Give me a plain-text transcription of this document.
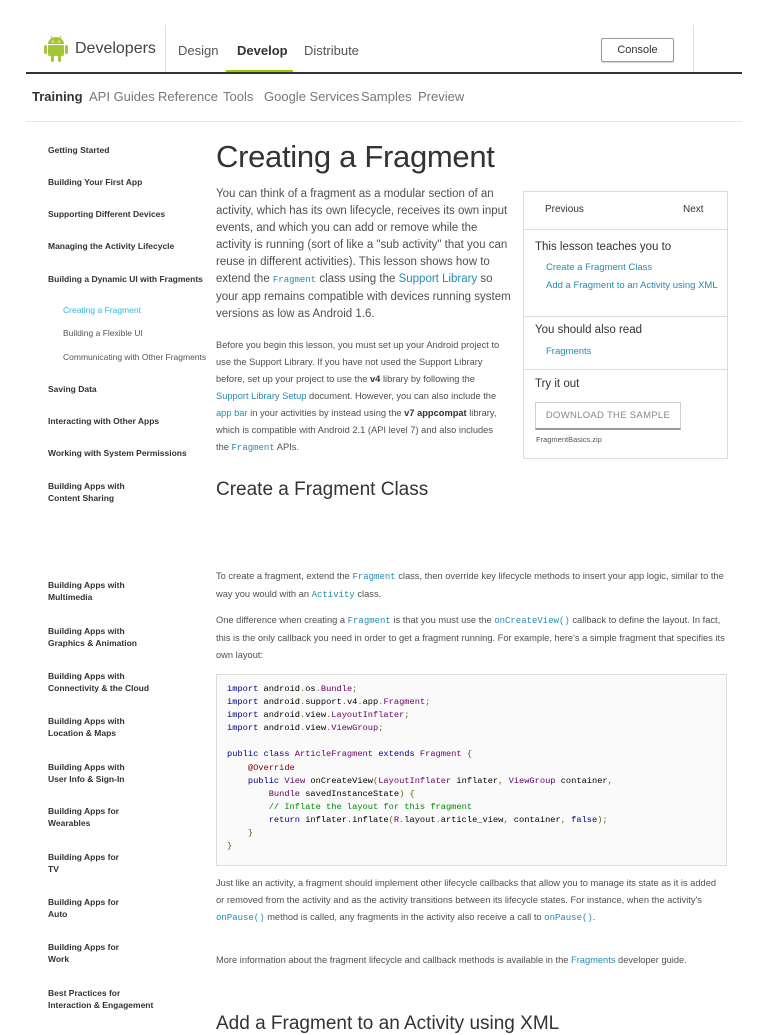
Developers Design Develop Distribute	Console
Training API Guides Reference Tools Google Services Samples Preview
Getting Started
Building Your First App
Supporting Different Devices
Managing the Activity Lifecycle
Building a Dynamic UI with Fragments
Creating a Fragment
Building a Flexible UI
Communicating with Other Fragments
Saving Data
Interacting with Other Apps
Working with System Permissions
Building Apps with
Content Sharing
Building Apps with
Multimedia
Building Apps with
Graphics & Animation
Building Apps with
Connectivity & the Cloud
Building Apps with
Location & Maps
Building Apps with
User Info & Sign-In
Building Apps for
Wearables
Building Apps for
TV
Building Apps for
Auto
Building Apps for
Work
Best Practices for
Interaction & Engagement
Creating a Fragment
You can think of a fragment as a modular section of an activity, which has its own lifecycle, receives its own input events, and which you can add or remove while the activity is running (sort of like a "sub activity" that you can reuse in different activities). This lesson shows how to extend the Fragment class using the Support Library so your app remains compatible with devices running system versions as low as Android 1.6.
Before you begin this lesson, you must set up your Android project to use the Support Library. If you have not used the Support Library before, set up your project to use the v4 library by following the Support Library Setup document. However, you can also include the app bar in your activities by instead using the v7 appcompat library, which is compatible with Android 2.1 (API level 7) and also includes the Fragment APIs.
Create a Fragment Class
To create a fragment, extend the Fragment class, then override key lifecycle methods to insert your app logic, similar to the way you would with an Activity class.
One difference when creating a Fragment is that you must use the onCreateView() callback to define the layout. In fact, this is the only callback you need in order to get a fragment running. For example, here's a simple fragment that specifies its own layout:
import android.os.Bundle;
import android.support.v4.app.Fragment;
import android.view.LayoutInflater;
import android.view.ViewGroup;

public class ArticleFragment extends Fragment {
@Override
public View onCreateView(LayoutInflater inflater, ViewGroup container,
Bundle savedInstanceState) {
// Inflate the layout for this fragment
return inflater.inflate(R.layout.article_view, container, false);
}
}
Just like an activity, a fragment should implement other lifecycle callbacks that allow you to manage its state as it is added or removed from the activity and as the activity transitions between its lifecycle states. For instance, when the activity's onPause() method is called, any fragments in the activity also receive a call to onPause().
More information about the fragment lifecycle and callback methods is available in the Fragments developer guide.
Add a Fragment to an Activity using XML
Previous	Next
This lesson teaches you to
Create a Fragment Class
Add a Fragment to an Activity using XML
You should also read
Fragments
Try it out
DOWNLOAD THE SAMPLE
FragmentBasics.zip
